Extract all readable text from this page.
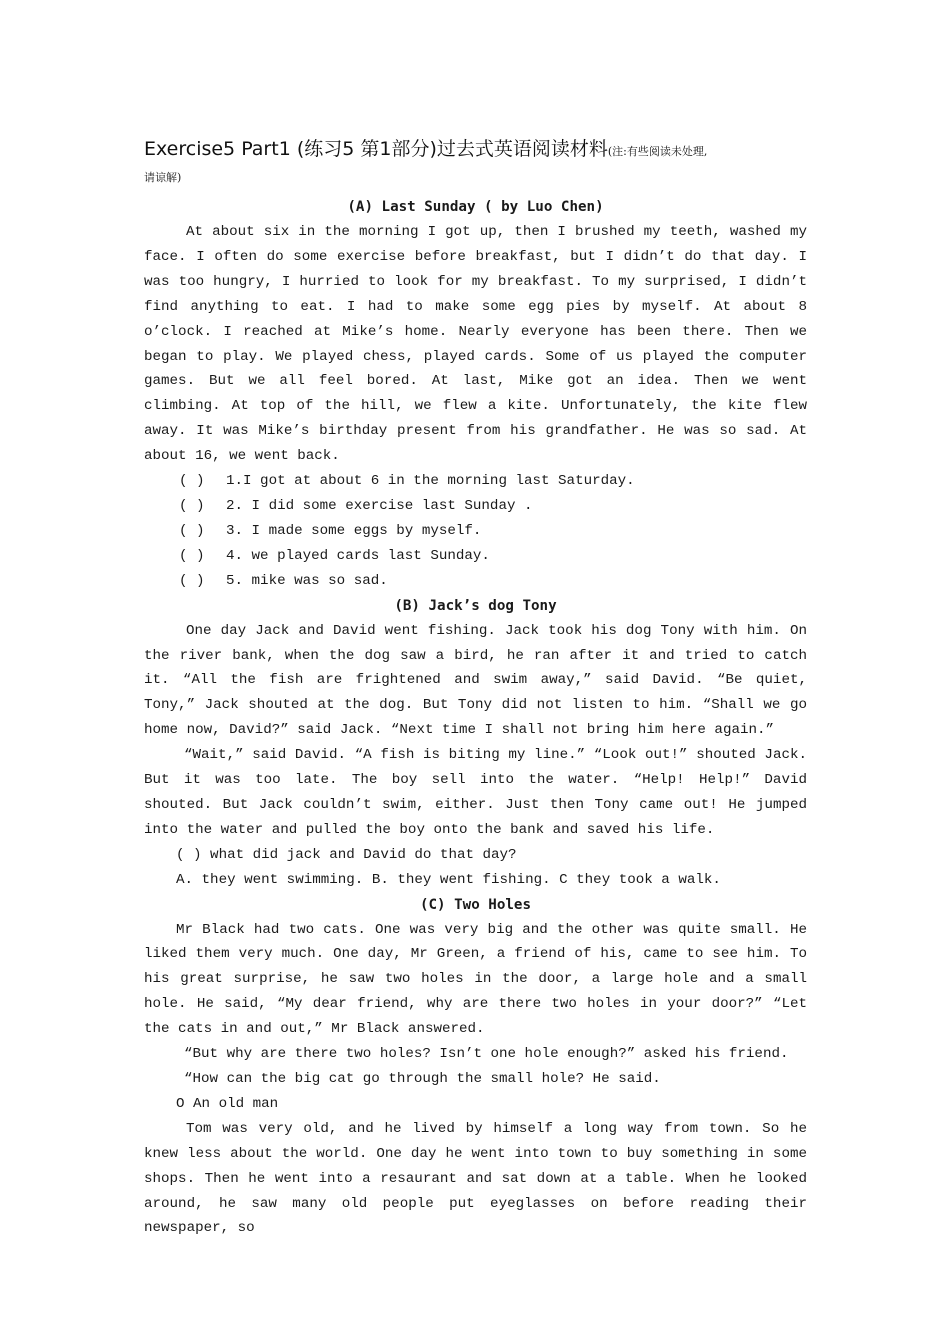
Exercise5 Part1 (练习5 第1部分)过去式英语阅读材料(注:有些阅读未处理,

请谅解)

(A) Last Sunday ( by Luo Chen)

At about six in the morning I got up, then I brushed my teeth, washed my face. I often do some exercise before breakfast, but I didn’t do that day. I was too hungry, I hurried to look for my breakfast. To my surprised, I didn’t find anything to eat. I had to make some egg pies by myself. At about 8 o’clock. I reached at Mike’s home. Nearly everyone has been there. Then we began to play. We played chess, played cards. Some of us played the computer games. But we all feel bored. At last, Mike got an idea. Then we went climbing. At top of the hill, we flew a kite. Unfortunately, the kite flew away. It was Mike’s birthday present from his grandfather. He was so sad. At about 16, we went back.

( ) 1.I got at about 6 in the morning last Saturday.

( ) 2. I did some exercise last Sunday .

( ) 3. I made some eggs by myself.

( ) 4. we played cards last Sunday.

( ) 5. mike was so sad.

(B) Jack’s dog Tony

One day Jack and David went fishing. Jack took his dog Tony with him. On the river bank, when the dog saw a bird, he ran after it and tried to catch it. “All the fish are frightened and swim away,” said David. “Be quiet, Tony,” Jack shouted at the dog. But Tony did not listen to him. “Shall we go home now, David?” said Jack. “Next time I shall not bring him here again.”

“Wait,” said David. “A fish is biting my line.” “Look out!” shouted Jack. But it was too late. The boy sell into the water. “Help! Help!” David shouted. But Jack couldn’t swim, either. Just then Tony came out! He jumped into the water and pulled the boy onto the bank and saved his life.

( ) what did jack and David do that day?

A. they went swimming. B. they went fishing. C they took a walk.

(C) Two Holes

Mr Black had two cats. One was very big and the other was quite small. He liked them very much. One day, Mr Green, a friend of his, came to see him. To his great surprise, he saw two holes in the door, a large hole and a small hole. He said, “My dear friend, why are there two holes in your door?” “Let the cats in and out,” Mr Black answered.

“But why are there two holes? Isn’t one hole enough?” asked his friend.

“How can the big cat go through the small hole? He said.

O An old man

Tom was very old, and he lived by himself a long way from town. So he knew less about the world. One day he went into town to buy something in some shops. Then he went into a resaurant and sat down at a table. When he looked around, he saw many old people put eyeglasses on before reading their newspaper, so
